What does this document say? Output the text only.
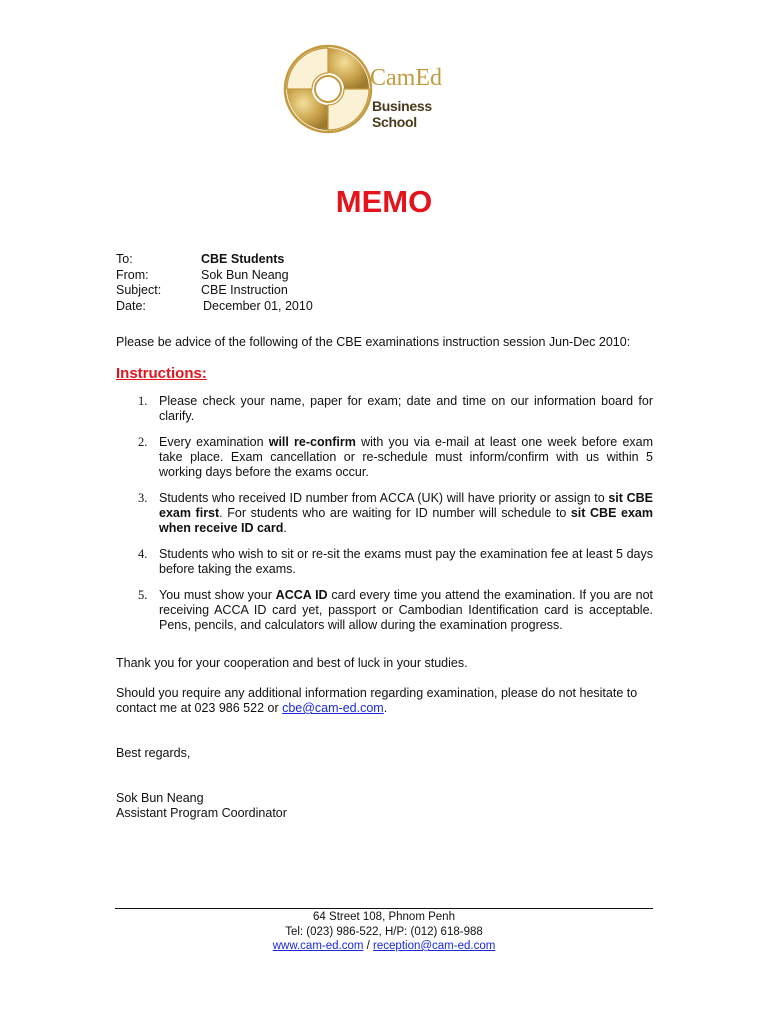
CamEd
Business School
MEMO
To:	CBE Students
From:	Sok Bun Neang
Subject:	CBE Instruction
Date:	December 01, 2010
Please be advice of the following of the CBE examinations instruction session Jun-Dec 2010:
Instructions:
1. Please check your name, paper for exam; date and time on our information board for clarify.
2. Every examination will re-confirm with you via e-mail at least one week before exam take place. Exam cancellation or re-schedule must inform/confirm with us within 5 working days before the exams occur.
3. Students who received ID number from ACCA (UK) will have priority or assign to sit CBE exam first. For students who are waiting for ID number will schedule to sit CBE exam when receive ID card.
4. Students who wish to sit or re-sit the exams must pay the examination fee at least 5 days before taking the exams.
5. You must show your ACCA ID card every time you attend the examination. If you are not receiving ACCA ID card yet, passport or Cambodian Identification card is acceptable. Pens, pencils, and calculators will allow during the examination progress.
Thank you for your cooperation and best of luck in your studies.
Should you require any additional information regarding examination, please do not hesitate to contact me at 023 986 522 or cbe@cam-ed.com.
Best regards,
Sok Bun Neang
Assistant Program Coordinator
64 Street 108, Phnom Penh
Tel: (023) 986-522, H/P: (012) 618-988
www.cam-ed.com / reception@cam-ed.com
